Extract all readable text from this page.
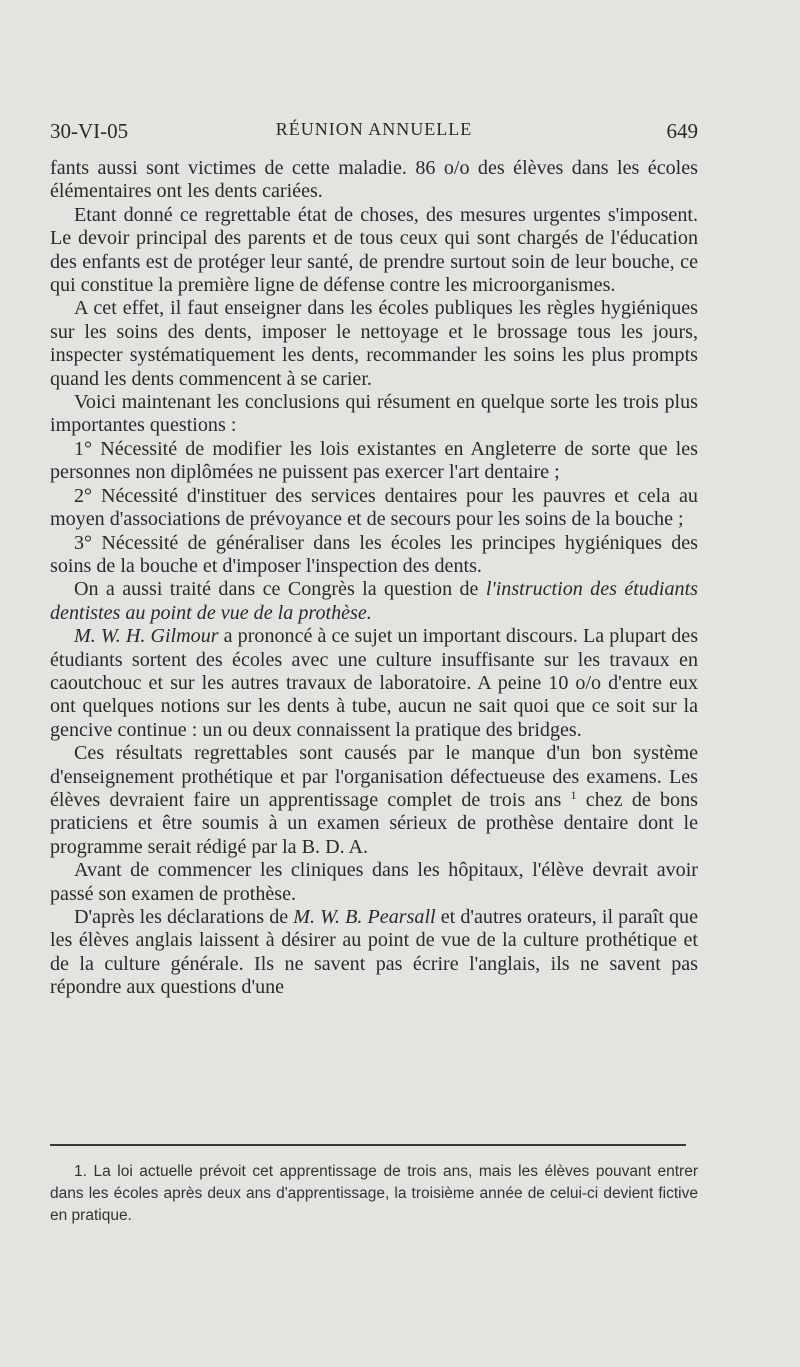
30-VI-05	RÉUNION ANNUELLE	649

fants aussi sont victimes de cette maladie. 86 o/o des élèves dans les écoles élémentaires ont les dents cariées.

Etant donné ce regrettable état de choses, des mesures urgentes s'imposent. Le devoir principal des parents et de tous ceux qui sont chargés de l'éducation des enfants est de protéger leur santé, de prendre surtout soin de leur bouche, ce qui constitue la première ligne de défense contre les microorganismes.

A cet effet, il faut enseigner dans les écoles publiques les règles hygiéniques sur les soins des dents, imposer le nettoyage et le brossage tous les jours, inspecter systématiquement les dents, recommander les soins les plus prompts quand les dents commencent à se carier.

Voici maintenant les conclusions qui résument en quelque sorte les trois plus importantes questions :

1° Nécessité de modifier les lois existantes en Angleterre de sorte que les personnes non diplômées ne puissent pas exercer l'art dentaire ;

2° Nécessité d'instituer des services dentaires pour les pauvres et cela au moyen d'associations de prévoyance et de secours pour les soins de la bouche ;

3° Nécessité de généraliser dans les écoles les principes hygiéniques des soins de la bouche et d'imposer l'inspection des dents.

On a aussi traité dans ce Congrès la question de l'instruction des étudiants dentistes au point de vue de la prothèse.

M. W. H. Gilmour a prononcé à ce sujet un important discours. La plupart des étudiants sortent des écoles avec une culture insuffisante sur les travaux en caoutchouc et sur les autres travaux de laboratoire. A peine 10 o/o d'entre eux ont quelques notions sur les dents à tube, aucun ne sait quoi que ce soit sur la gencive continue : un ou deux connaissent la pratique des bridges.

Ces résultats regrettables sont causés par le manque d'un bon système d'enseignement prothétique et par l'organisation défectueuse des examens. Les élèves devraient faire un apprentissage complet de trois ans $^1$ chez de bons praticiens et être soumis à un examen sérieux de prothèse dentaire dont le programme serait rédigé par la B. D. A.

Avant de commencer les cliniques dans les hôpitaux, l'élève devrait avoir passé son examen de prothèse.

D'après les déclarations de M. W. B. Pearsall et d'autres orateurs, il paraît que les élèves anglais laissent à désirer au point de vue de la culture prothétique et de la culture générale. Ils ne savent pas écrire l'anglais, ils ne savent pas répondre aux questions d'une

1. La loi actuelle prévoit cet apprentissage de trois ans, mais les élèves pouvant entrer dans les écoles après deux ans d'apprentissage, la troisième année de celui-ci devient fictive en pratique.
